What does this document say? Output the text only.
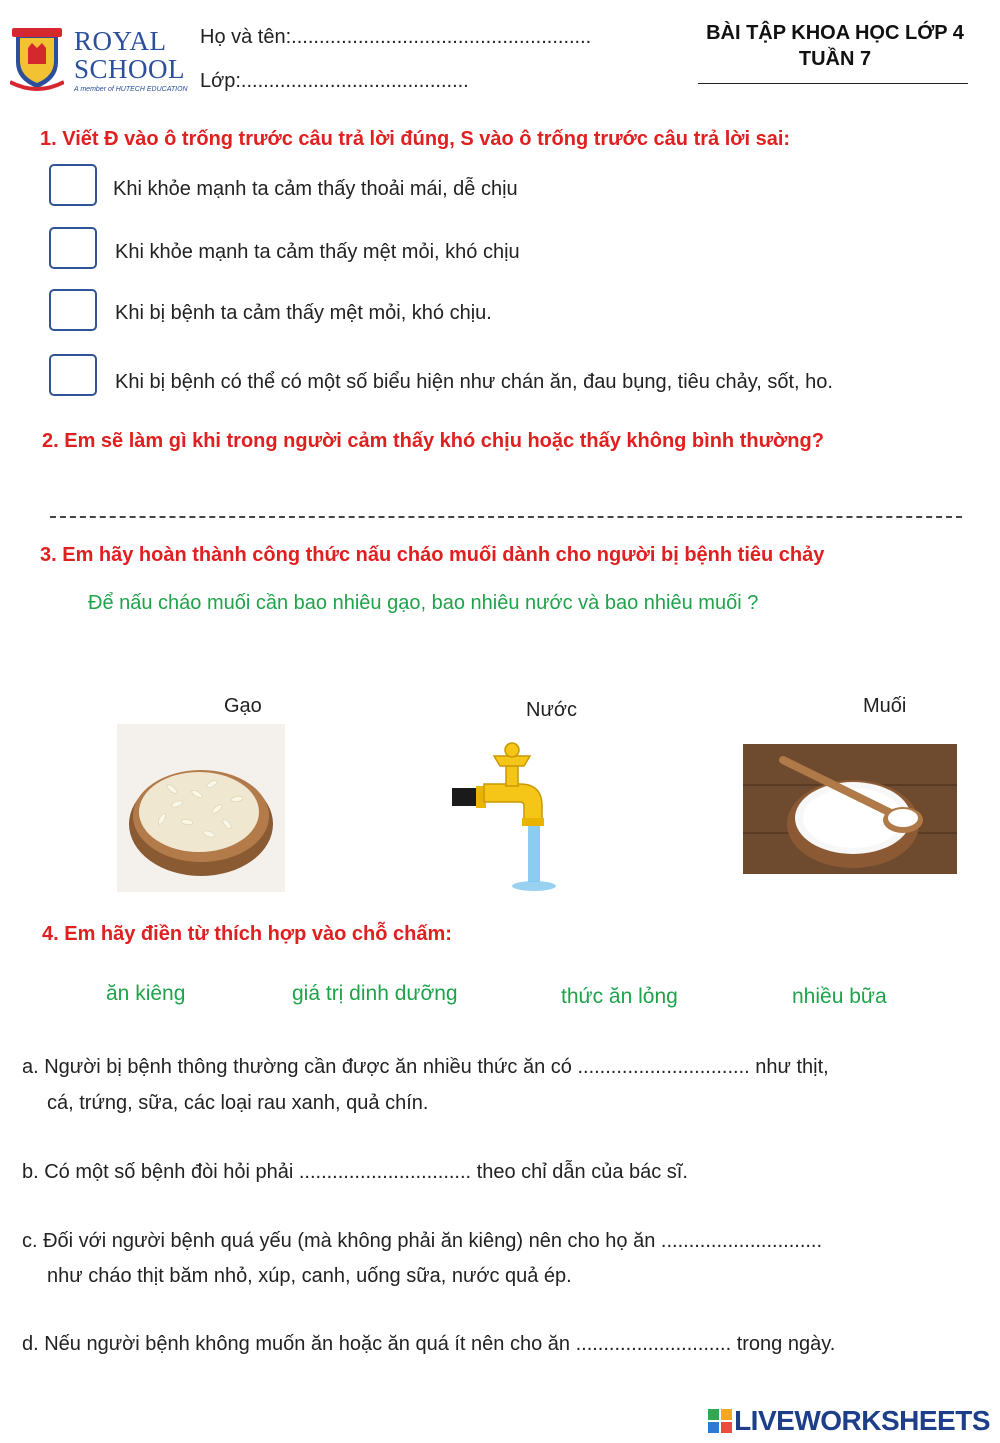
ROYAL
SCHOOL
A member of HUTECH EDUCATION
Họ và tên:......................................................
Lớp:.........................................
BÀI TẬP KHOA HỌC LỚP 4
TUẦN 7
1. Viết Đ vào ô trống trước câu trả lời đúng, S vào ô trống trước câu trả lời sai:
Khi khỏe mạnh ta cảm thấy thoải mái, dễ chịu
Khi khỏe mạnh ta cảm thấy mệt mỏi, khó chịu
Khi bị bệnh ta cảm thấy mệt mỏi, khó chịu.
Khi bị bệnh có thể có một số biểu hiện như chán ăn, đau bụng, tiêu chảy, sốt, ho.
2. Em sẽ làm gì khi trong người cảm thấy khó chịu hoặc thấy không bình thường?
3. Em hãy hoàn thành công thức nấu cháo muối dành cho người bị bệnh tiêu chảy
Để nấu cháo muối cần bao nhiêu gạo, bao nhiêu nước và bao nhiêu muối ?
Gạo	Nước	Muối
4. Em hãy điền từ thích hợp vào chỗ chấm:
ăn kiêng	giá trị dinh dưỡng	thức ăn lỏng	nhiều bữa
a. Người bị bệnh thông thường cần được ăn nhiều thức ăn có ............................... như thịt,
cá, trứng, sữa, các loại rau xanh, quả chín.
b. Có một số bệnh đòi hỏi phải ............................... theo chỉ dẫn của bác sĩ.
c. Đối với người bệnh quá yếu (mà không phải ăn kiêng) nên cho họ ăn .............................
như cháo thịt băm nhỏ, xúp, canh, uống sữa, nước quả ép.
d. Nếu người bệnh không muốn ăn hoặc ăn quá ít nên cho ăn ............................ trong ngày.
LIVEWORKSHEETS
